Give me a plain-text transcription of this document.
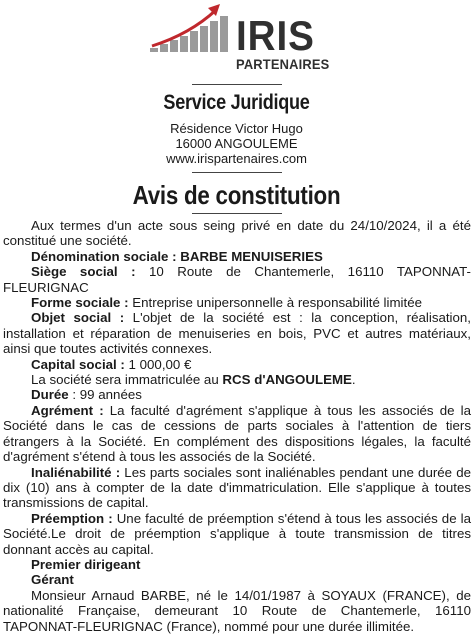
IRIS
PARTENAIRES
Service Juridique
Résidence Victor Hugo
16000 ANGOULEME
www.irispartenaires.com
Avis de constitution

Aux termes d'un acte sous seing privé en date du 24/10/2024, il a été constitué une société.

Dénomination sociale : BARBE MENUISERIES

Siège social : 10 Route de Chantemerle, 16110 TAPONNAT-FLEURIGNAC

Forme sociale : Entreprise unipersonnelle à responsabilité limitée

Objet social : L'objet de la société est : la conception, réalisation, installation et réparation de menuiseries en bois, PVC et autres matériaux, ainsi que toutes activités connexes.

Capital social : 1 000,00 €

La société sera immatriculée au RCS d'ANGOULEME.

Durée : 99 années

Agrément : La faculté d'agrément s'applique à tous les associés de la Société dans le cas de cessions de parts sociales à l'attention de tiers étrangers à la Société. En complément des dispositions légales, la faculté d'agrément s'étend à tous les associés de la Société.

Inaliénabilité : Les parts sociales sont inaliénables pendant une durée de dix (10) ans à compter de la date d'immatriculation. Elle s'applique à toutes transmissions de capital.

Préemption : Une faculté de préemption s'étend à tous les associés de la Société.Le droit de préemption s'applique à toute transmission de titres donnant accès au capital.

Premier dirigeant

Gérant

Monsieur Arnaud BARBE, né le 14/01/1987 à SOYAUX (FRANCE), de nationalité Française, demeurant 10 Route de Chantemerle, 16110 TAPONNAT-FLEURIGNAC (France), nommé pour une durée illimitée.
